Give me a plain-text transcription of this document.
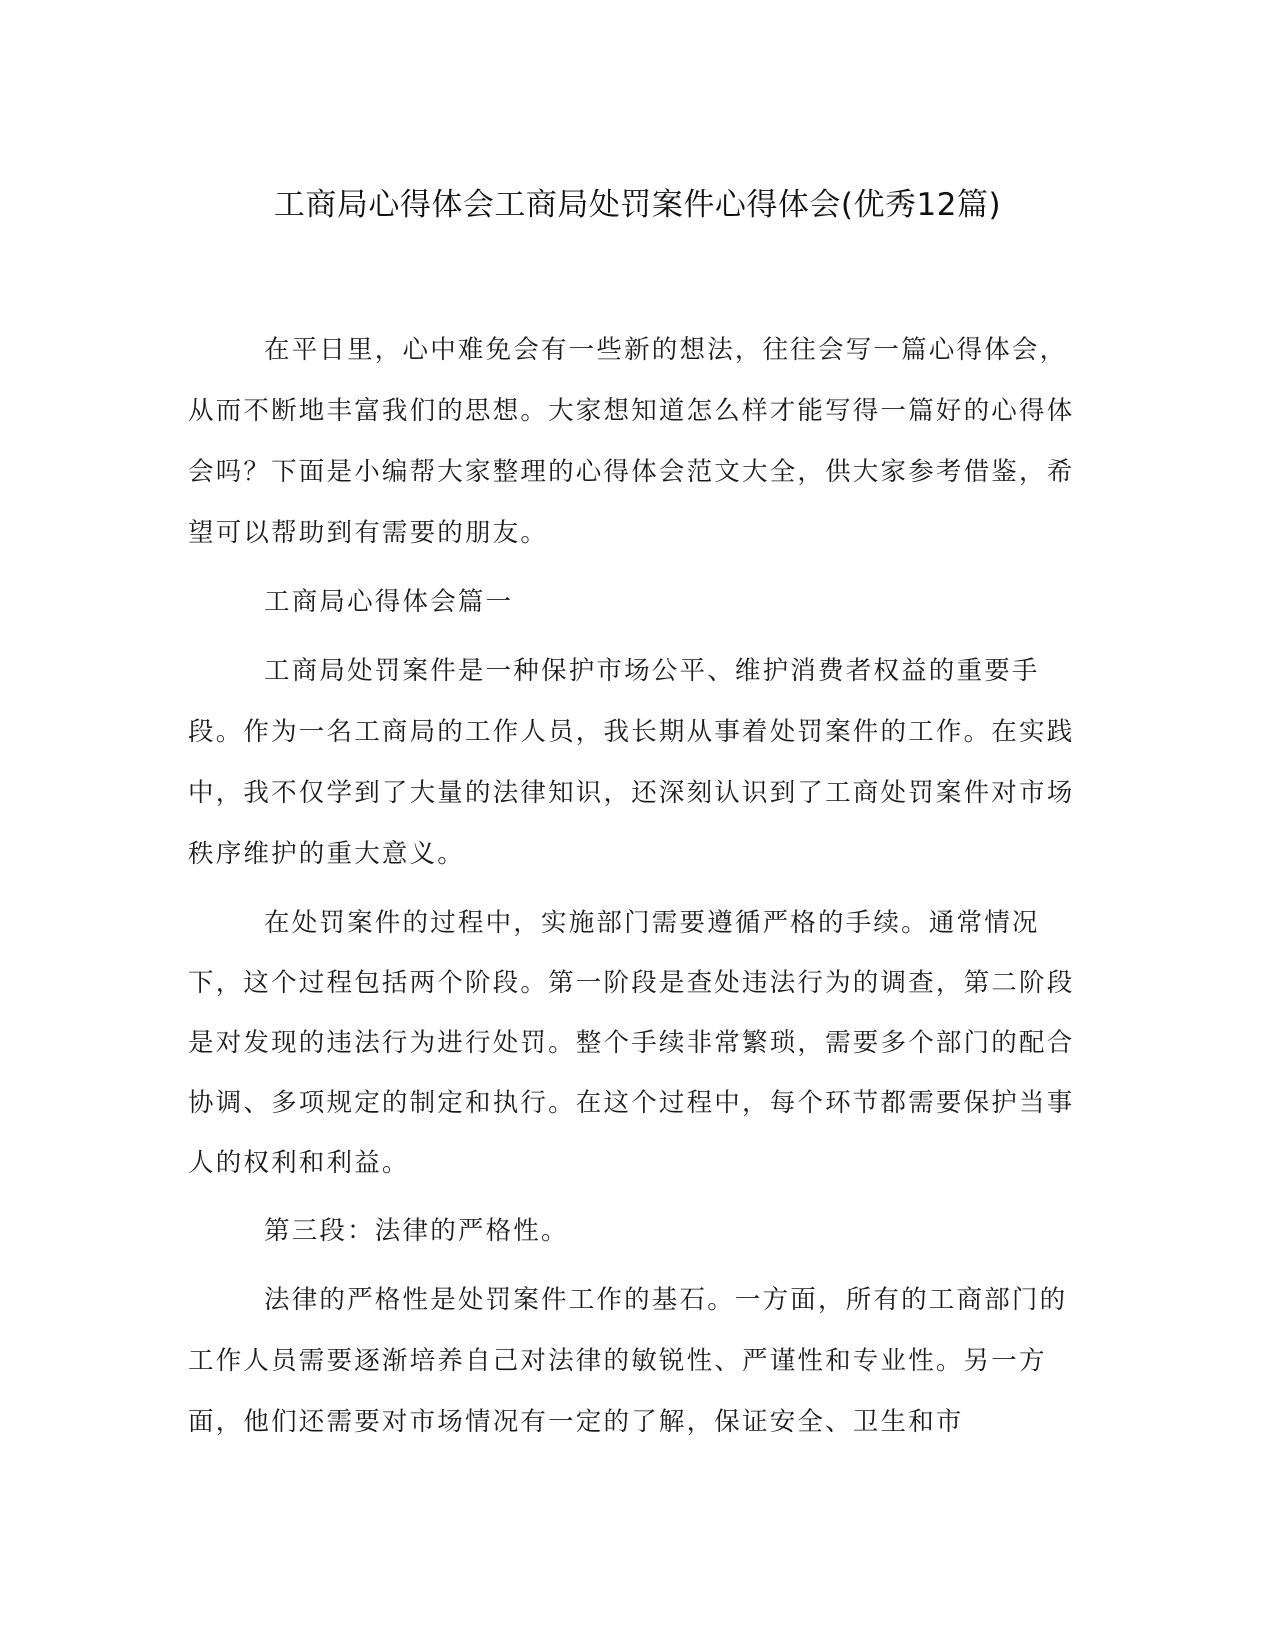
工商局心得体会工商局处罚案件心得体会(优秀12篇)

在平日里，心中难免会有一些新的想法，往往会写一篇心得体会，从而不断地丰富我们的思想。大家想知道怎么样才能写得一篇好的心得体会吗？下面是小编帮大家整理的心得体会范文大全，供大家参考借鉴，希望可以帮助到有需要的朋友。

工商局心得体会篇一

工商局处罚案件是一种保护市场公平、维护消费者权益的重要手段。作为一名工商局的工作人员，我长期从事着处罚案件的工作。在实践中，我不仅学到了大量的法律知识，还深刻认识到了工商处罚案件对市场秩序维护的重大意义。

在处罚案件的过程中，实施部门需要遵循严格的手续。通常情况下，这个过程包括两个阶段。第一阶段是查处违法行为的调查，第二阶段是对发现的违法行为进行处罚。整个手续非常繁琐，需要多个部门的配合协调、多项规定的制定和执行。在这个过程中，每个环节都需要保护当事人的权利和利益。

第三段：法律的严格性。

法律的严格性是处罚案件工作的基石。一方面，所有的工商部门的工作人员需要逐渐培养自己对法律的敏锐性、严谨性和专业性。另一方面，他们还需要对市场情况有一定的了解，保证安全、卫生和市
